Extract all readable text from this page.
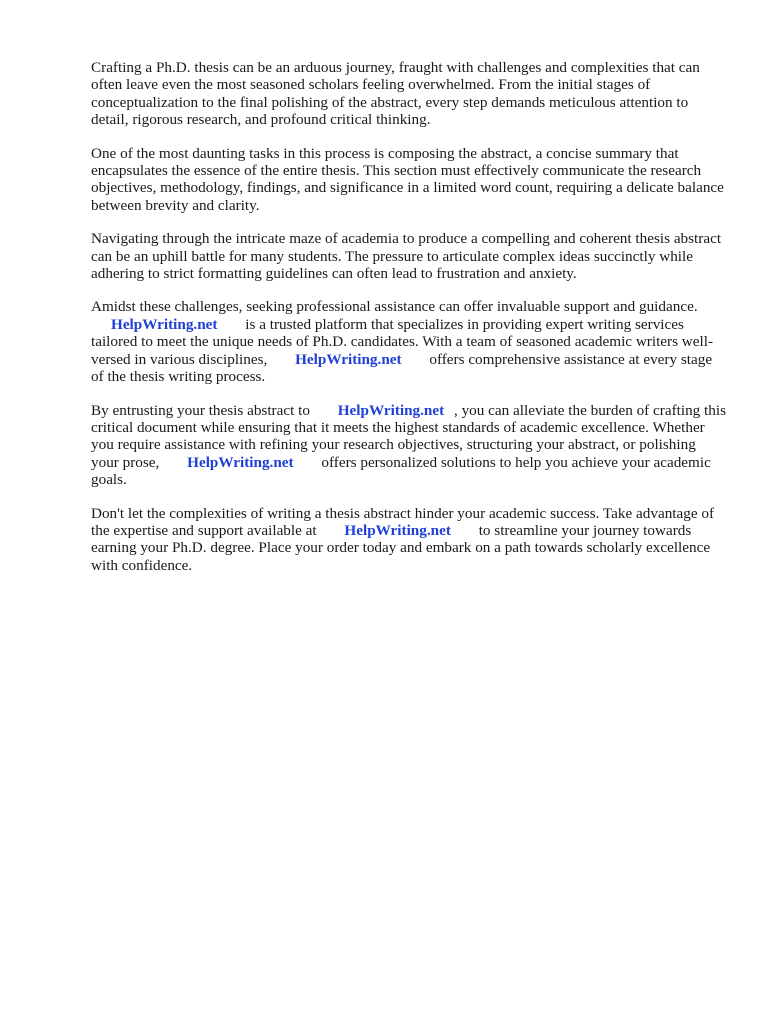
Crafting a Ph.D. thesis can be an arduous journey, fraught with challenges and complexities that can often leave even the most seasoned scholars feeling overwhelmed. From the initial stages of conceptualization to the final polishing of the abstract, every step demands meticulous attention to detail, rigorous research, and profound critical thinking.

One of the most daunting tasks in this process is composing the abstract, a concise summary that encapsulates the essence of the entire thesis. This section must effectively communicate the research objectives, methodology, findings, and significance in a limited word count, requiring a delicate balance between brevity and clarity.

Navigating through the intricate maze of academia to produce a compelling and coherent thesis abstract can be an uphill battle for many students. The pressure to articulate complex ideas succinctly while adhering to strict formatting guidelines can often lead to frustration and anxiety.

Amidst these challenges, seeking professional assistance can offer invaluable support and guidance. HelpWriting.net is a trusted platform that specializes in providing expert writing services tailored to meet the unique needs of Ph.D. candidates. With a team of seasoned academic writers well-versed in various disciplines, HelpWriting.net offers comprehensive assistance at every stage of the thesis writing process.

By entrusting your thesis abstract to HelpWriting.net , you can alleviate the burden of crafting this critical document while ensuring that it meets the highest standards of academic excellence. Whether you require assistance with refining your research objectives, structuring your abstract, or polishing your prose, HelpWriting.net offers personalized solutions to help you achieve your academic goals.

Don't let the complexities of writing a thesis abstract hinder your academic success. Take advantage of the expertise and support available at HelpWriting.net to streamline your journey towards earning your Ph.D. degree. Place your order today and embark on a path towards scholarly excellence with confidence.
